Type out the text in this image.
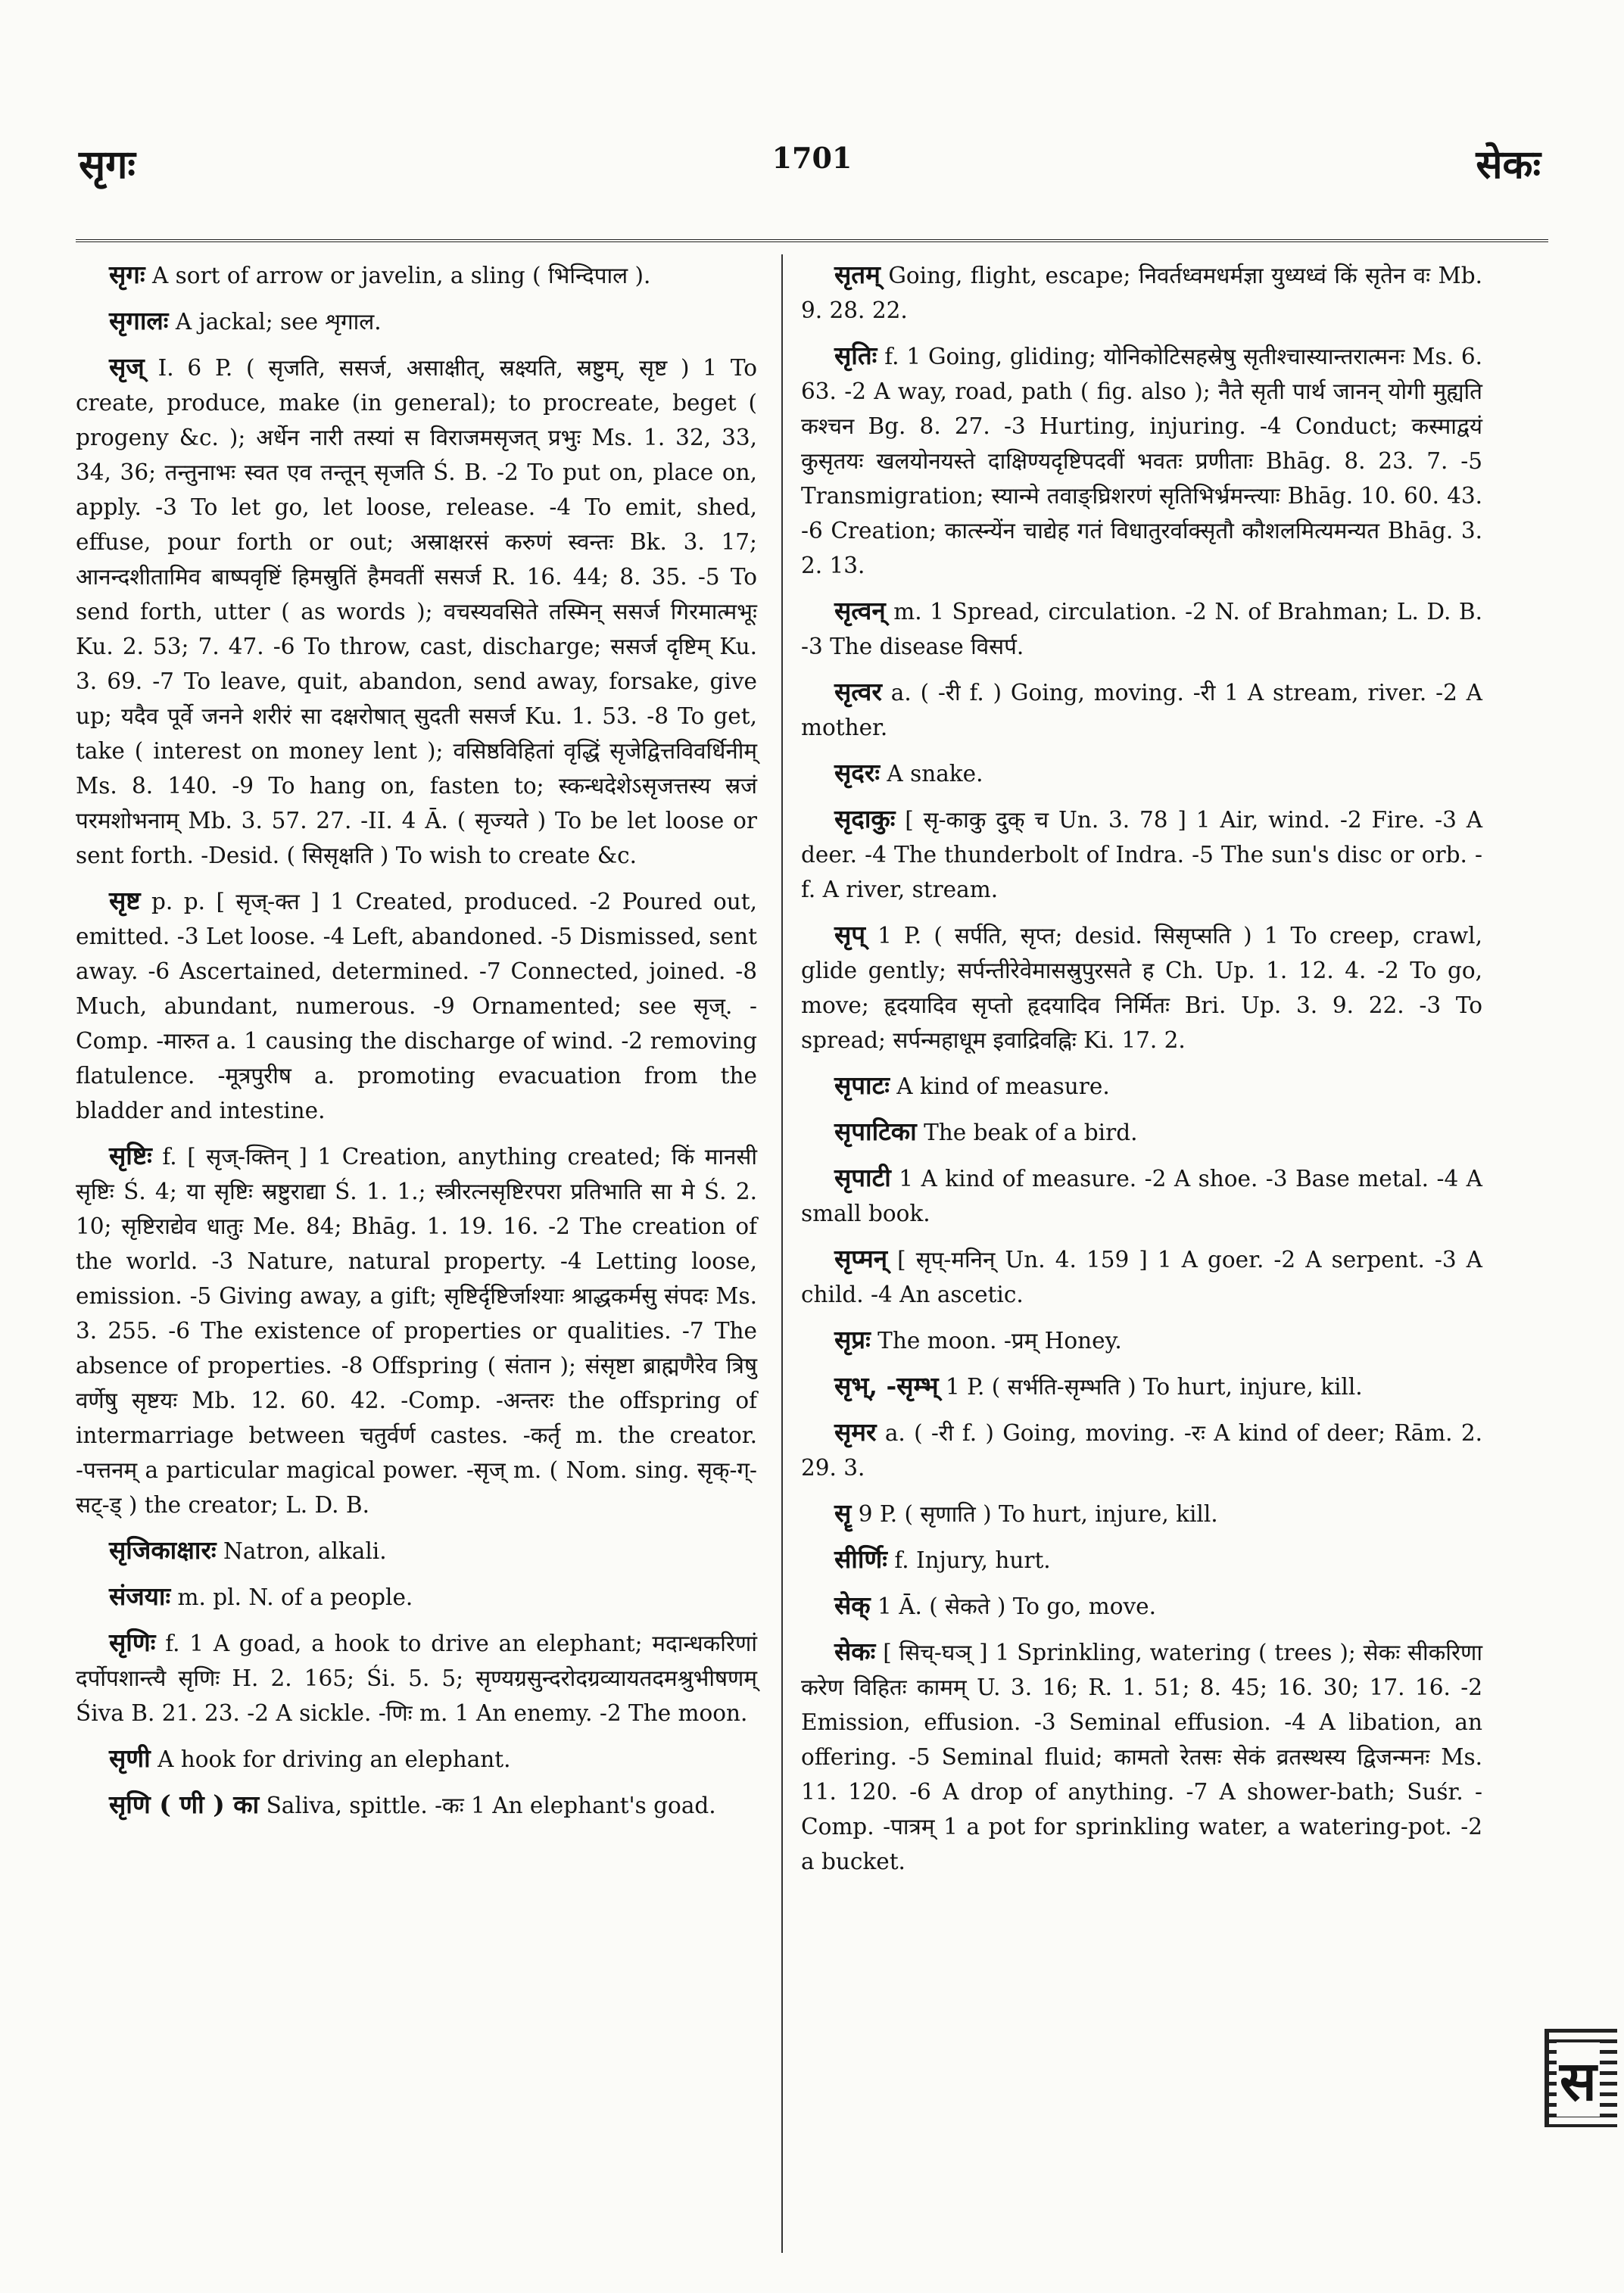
सृगः	1701	सेकः

सृगः A sort of arrow or javelin, a sling ( भिन्दिपाल ).

सृगालः A jackal; see शृगाल.

सृज् I. 6 P. ( सृजति, ससर्ज, असाक्षीत्, स्रक्ष्यति, स्रष्टुम्, सृष्ट ) 1 To create, produce, make (in general); to procreate, beget ( progeny &c. ); अर्धेन नारी तस्यां स विराजमसृजत् प्रभुः Ms. 1. 32, 33, 34, 36; तन्तुनाभः स्वत एव तन्तून् सृजति Ś. B. -2 To put on, place on, apply. -3 To let go, let loose, release. -4 To emit, shed, effuse, pour forth or out; अस्राक्षरसं करुणं स्वन्तः Bk. 3. 17; आनन्दशीतामिव बाष्पवृष्टिं हिमस्रुतिं हैमवतीं ससर्ज R. 16. 44; 8. 35. -5 To send forth, utter ( as words ); वचस्यवसिते तस्मिन् ससर्ज गिरमात्मभूः Ku. 2. 53; 7. 47. -6 To throw, cast, discharge; ससर्ज दृष्टिम् Ku. 3. 69. -7 To leave, quit, abandon, send away, forsake, give up; यदैव पूर्वे जनने शरीरं सा दक्षरोषात् सुदती ससर्ज Ku. 1. 53. -8 To get, take ( interest on money lent ); वसिष्ठविहितां वृद्धिं सृजेद्वित्तविवर्धिनीम् Ms. 8. 140. -9 To hang on, fasten to; स्कन्धदेशेऽसृजत्तस्य स्रजं परमशोभनाम् Mb. 3. 57. 27. -II. 4 Ā. ( सृज्यते ) To be let loose or sent forth. -Desid. ( सिसृक्षति ) To wish to create &c.

सृष्ट p. p. [ सृज्-क्त ] 1 Created, produced. -2 Poured out, emitted. -3 Let loose. -4 Left, abandoned. -5 Dismissed, sent away. -6 Ascertained, determined. -7 Connected, joined. -8 Much, abundant, numerous. -9 Ornamented; see सृज्. -Comp. -मारुत a. 1 causing the discharge of wind. -2 removing flatulence. -मूत्रपुरीष a. promoting evacuation from the bladder and intestine.

सृष्टिः f. [ सृज्-क्तिन् ] 1 Creation, anything created; किं मानसी सृष्टिः Ś. 4; या सृष्टिः स्रष्टुराद्या Ś. 1. 1.; स्त्रीरत्नसृष्टिरपरा प्रतिभाति सा मे Ś. 2. 10; सृष्टिराद्येव धातुः Me. 84; Bhāg. 1. 19. 16. -2 The creation of the world. -3 Nature, natural property. -4 Letting loose, emission. -5 Giving away, a gift; सृष्टिर्दृष्टिर्जाश्याः श्राद्धकर्मसु संपदः Ms. 3. 255. -6 The existence of properties or qualities. -7 The absence of properties. -8 Offspring ( संतान ); संसृष्टा ब्राह्मणैरेव त्रिषु वर्णेषु सृष्टयः Mb. 12. 60. 42. -Comp. -अन्तरः the offspring of intermarriage between चतुर्वर्ण castes. -कर्तृ m. the creator. -पत्तनम् a particular magical power. -सृज् m. ( Nom. sing. सृक्-ग्-सट्-ड् ) the creator; L. D. B.

सृजिकाक्षारः Natron, alkali.

संजयाः m. pl. N. of a people.

सृणिः f. 1 A goad, a hook to drive an elephant; मदान्धकरिणां दर्पोपशान्त्यै सृणिः H. 2. 165; Śi. 5. 5; सृण्यग्रसुन्दरोदग्रव्यायतदमश्रुभीषणम् Śiva B. 21. 23. -2 A sickle. -णिः m. 1 An enemy. -2 The moon.

सृणी A hook for driving an elephant.

सृणि ( णी ) का Saliva, spittle. -कः 1 An elephant's goad.

सृतम् Going, flight, escape; निवर्तध्वमधर्मज्ञा युध्यध्वं किं सृतेन वः Mb. 9. 28. 22.

सृतिः f. 1 Going, gliding; योनिकोटिसहस्रेषु सृतीश्चास्यान्तरात्मनः Ms. 6. 63. -2 A way, road, path ( fig. also ); नैते सृती पार्थ जानन् योगी मुह्यति कश्चन Bg. 8. 27. -3 Hurting, injuring. -4 Conduct; कस्माद्वयं कुसृतयः खलयोनयस्ते दाक्षिण्यदृष्टिपदवीं भवतः प्रणीताः Bhāg. 8. 23. 7. -5 Transmigration; स्यान्मे तवाङ्घ्रिशरणं सृतिभिर्भ्रमन्त्याः Bhāg. 10. 60. 43. -6 Creation; कात्स्न्येंन चाद्येह गतं विधातुरर्वाक्सृतौ कौशलमित्यमन्यत Bhāg. 3. 2. 13.

सृत्वन् m. 1 Spread, circulation. -2 N. of Brahman; L. D. B. -3 The disease विसर्प.

सृत्वर a. ( -री f. ) Going, moving. -री 1 A stream, river. -2 A mother.

सृदरः A snake.

सृदाकुः [ सृ-काकु दुक् च Un. 3. 78 ] 1 Air, wind. -2 Fire. -3 A deer. -4 The thunderbolt of Indra. -5 The sun's disc or orb. -f. A river, stream.

सृप् 1 P. ( सर्पति, सृप्त; desid. सिसृप्सति ) 1 To creep, crawl, glide gently; सर्पन्तीरेवेमासस्रुपुरसते ह Ch. Up. 1. 12. 4. -2 To go, move; हृदयादिव सृप्तो हृदयादिव निर्मितः Bri. Up. 3. 9. 22. -3 To spread; सर्पन्महाधूम इवाद्रिवह्निः Ki. 17. 2.

सृपाटः A kind of measure.

सृपाटिका The beak of a bird.

सृपाटी 1 A kind of measure. -2 A shoe. -3 Base metal. -4 A small book.

सृप्मन् [ सृप्-मनिन् Un. 4. 159 ] 1 A goer. -2 A serpent. -3 A child. -4 An ascetic.

सृप्रः The moon. -प्रम् Honey.

सृभ्, -सृम्भ् 1 P. ( सर्भति-सृम्भति ) To hurt, injure, kill.

सृमर a. ( -री f. ) Going, moving. -रः A kind of deer; Rām. 2. 29. 3.

सॄ 9 P. ( सृणाति ) To hurt, injure, kill.

सीर्णिः f. Injury, hurt.

सेक् 1 Ā. ( सेकते ) To go, move.

सेकः [ सिच्-घञ् ] 1 Sprinkling, watering ( trees ); सेकः सीकरिणा करेण विहितः कामम् U. 3. 16; R. 1. 51; 8. 45; 16. 30; 17. 16. -2 Emission, effusion. -3 Seminal effusion. -4 A libation, an offering. -5 Seminal fluid; कामतो रेतसः सेकं व्रतस्थस्य द्विजन्मनः Ms. 11. 120. -6 A drop of anything. -7 A shower-bath; Suśr. -Comp. -पात्रम् 1 a pot for sprinkling water, a watering-pot. -2 a bucket.

स
